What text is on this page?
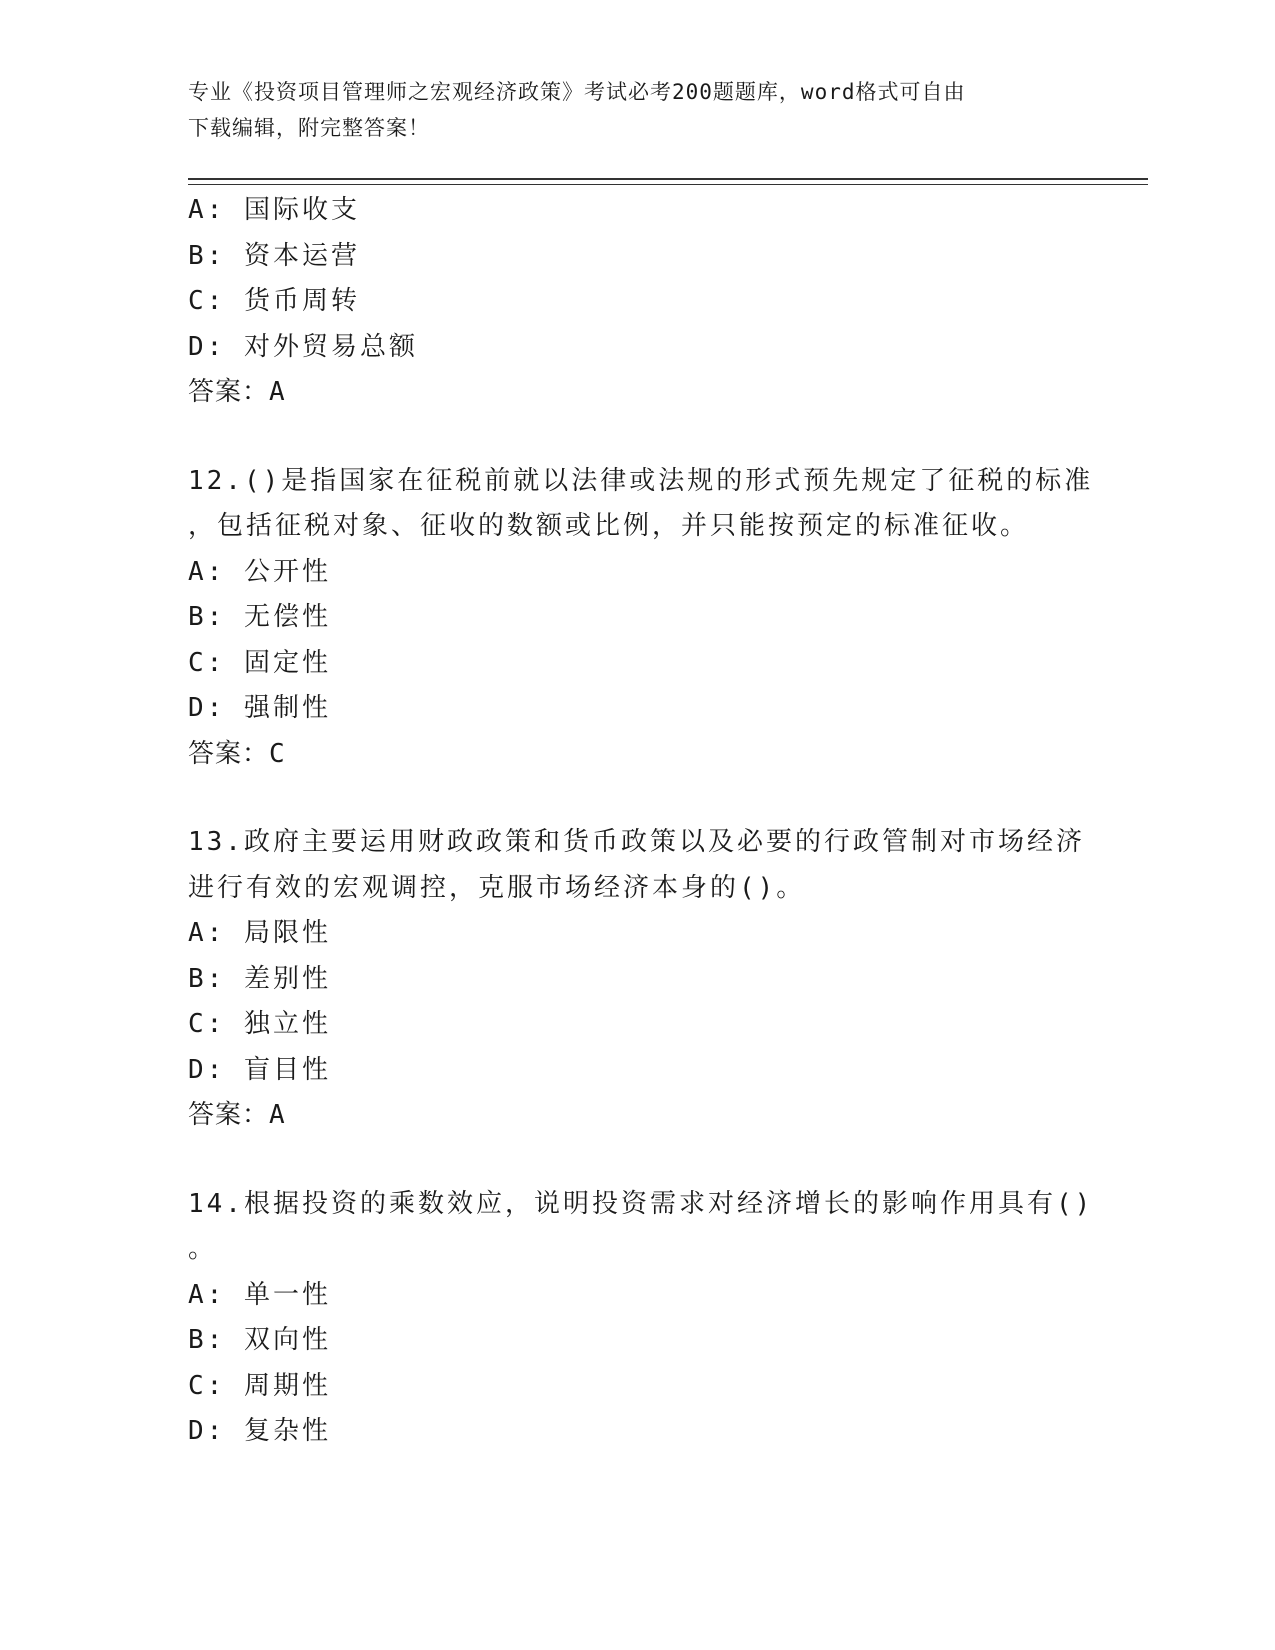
专业《投资项目管理师之宏观经济政策》考试必考200题题库，word格式可自由
下载编辑，附完整答案！
A: 国际收支
B: 资本运营
C: 货币周转
D: 对外贸易总额
答案：A
12.()是指国家在征税前就以法律或法规的形式预先规定了征税的标准
，包括征税对象、征收的数额或比例，并只能按预定的标准征收。
A: 公开性
B: 无偿性
C: 固定性
D: 强制性
答案：C
13.政府主要运用财政政策和货币政策以及必要的行政管制对市场经济
进行有效的宏观调控，克服市场经济本身的()。
A: 局限性
B: 差别性
C: 独立性
D: 盲目性
答案：A
14.根据投资的乘数效应，说明投资需求对经济增长的影响作用具有()
。
A: 单一性
B: 双向性
C: 周期性
D: 复杂性
